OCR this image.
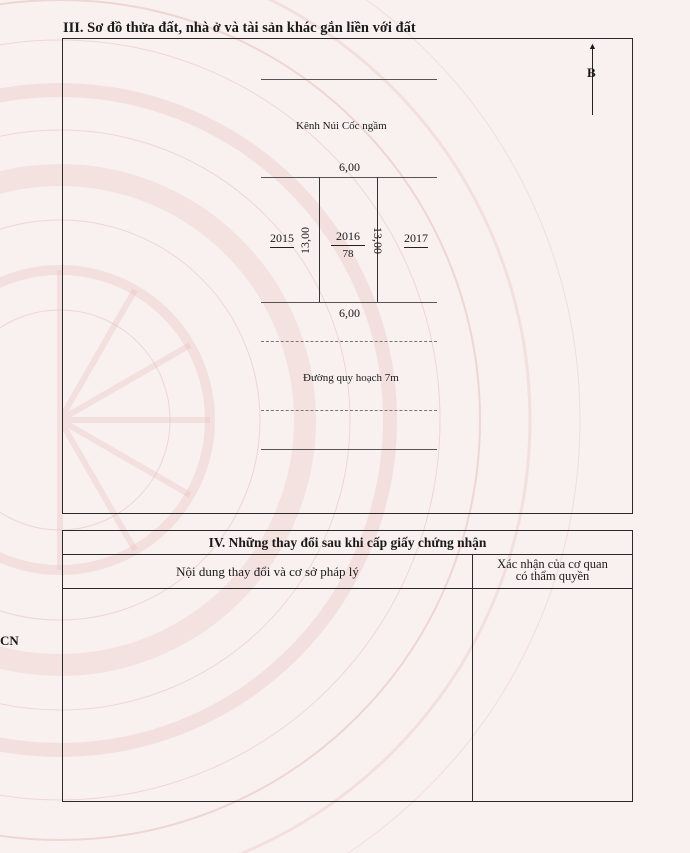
III. Sơ đồ thửa đất, nhà ở và tài sản khác gắn liền với đất
▲
B
Kênh Núi Cốc ngầm
6,00
13,00	13,00
$\frac{2016}{78}$
2015	2017
6,00
Đường quy hoạch 7m
IV. Những thay đổi sau khi cấp giấy chứng nhận
Nội dung thay đổi và cơ sở pháp lý	Xác nhận của cơ quan
có thẩm quyền
CN
